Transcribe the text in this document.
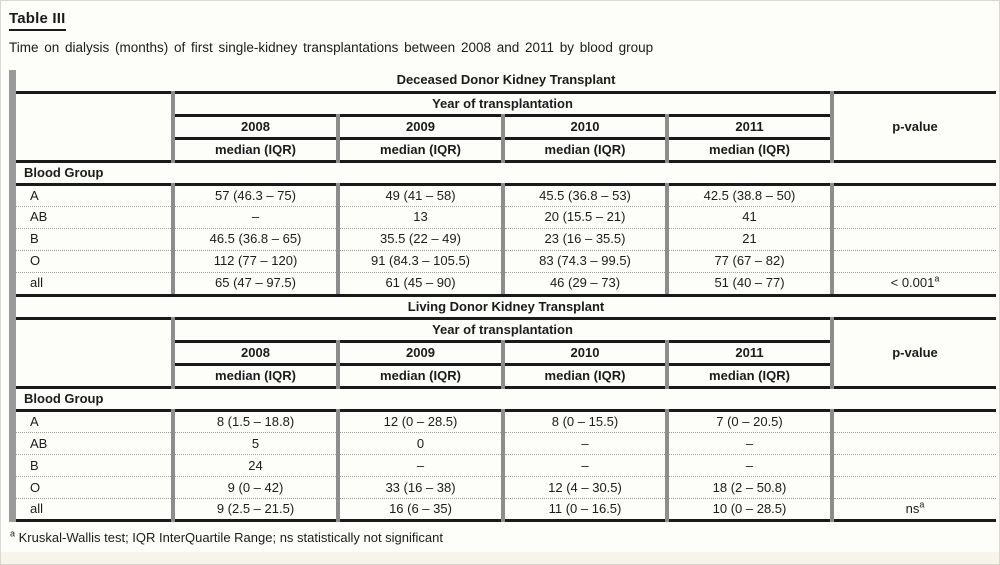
Table III
Time on dialysis (months) of first single-kidney transplantations between 2008 and 2011 by blood group
Deceased Donor Kidney Transplant					
	Year of transplantation				p-value
	2008	2009	2010	2011	
	median (IQR)	median (IQR)	median (IQR)	median (IQR)	
Blood Group					
A	57 (46.3 – 75)	49 (41 – 58)	45.5 (36.8 – 53)	42.5 (38.8 – 50)	
AB	–	13	20 (15.5 – 21)	41	
B	46.5 (36.8 – 65)	35.5 (22 – 49)	23 (16 – 35.5)	21	
O	112 (77 – 120)	91 (84.3 – 105.5)	83 (74.3 – 99.5)	77 (67 – 82)	
all	65 (47 – 97.5)	61 (45 – 90)	46 (29 – 73)	51 (40 – 77)	< 0.001$^a$
Living Donor Kidney Transplant					
	Year of transplantation				p-value
	2008	2009	2010	2011	
	median (IQR)	median (IQR)	median (IQR)	median (IQR)	
Blood Group					
A	8 (1.5 – 18.8)	12 (0 – 28.5)	8 (0 – 15.5)	7 (0 – 20.5)	
AB	5	0	–	–	
B	24	–	–	–	
O	9 (0 – 42)	33 (16 – 38)	12 (4 – 30.5)	18 (2 – 50.8)	
all	9 (2.5 – 21.5)	16 (6 – 35)	11 (0 – 16.5)	10 (0 – 28.5)	$ns^a$
$^a$ Kruskal-Wallis test; IQR InterQuartile Range; ns statistically not significant
